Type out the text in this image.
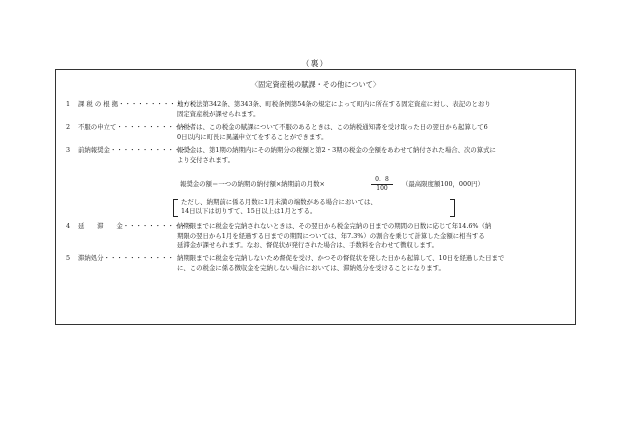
（裏）
〈固定資産税の賦課・その他について〉
1 課 税 の 根 拠・・・・・・・・・・・・
地方税法第342条、第343条、町税条例第54条の規定によって町内に所在する固定資産に対し、表記のとおり
固定資産税が課せられます。
2 不服の申立て・・・・・・・・・・・・
納税者は、この税金の賦課について不服のあるときは、この納税通知書を受け取った日の翌日から起算して6
0日以内に町長に異議申立てをすることができます。
3 前納報奨金・・・・・・・・・・・・・
報奨金は、第1期の納期内にその納期分の税額と第2・3期の税金の全額をあわせて納付された場合、次の算式に
より交付されます。
報奨金の額＝一つの納期の納付額×納期前の月数×
0．8
100
（最高限度額100，000円）
ただし、納期前に係る月数に1月未満の端数がある場合においては、
14日以下は切りすて、15日以上は1月とする。
4 延　　滞　　金・・・・・・・・・・・
納期限までに税金を完納されないときは、その翌日から税金完納の日までの期間の日数に応じて年14.6%（納
期限の翌日から1月を経過する日までの期間については、年7.3%）の割合を乗じて計算した金額に相当する
延滞金が課せられます。なお、督促状が発行された場合は、手数料を合わせて徴収します。
5 滞納処分・・・・・・・・・・・ 納期限までに税金を完納しないため督促を受け、かつその督促状を発した日から起算して、10日を経過した日まで
に、この税金に係る徴収金を完納しない場合においては、滞納処分を受けることになります。
